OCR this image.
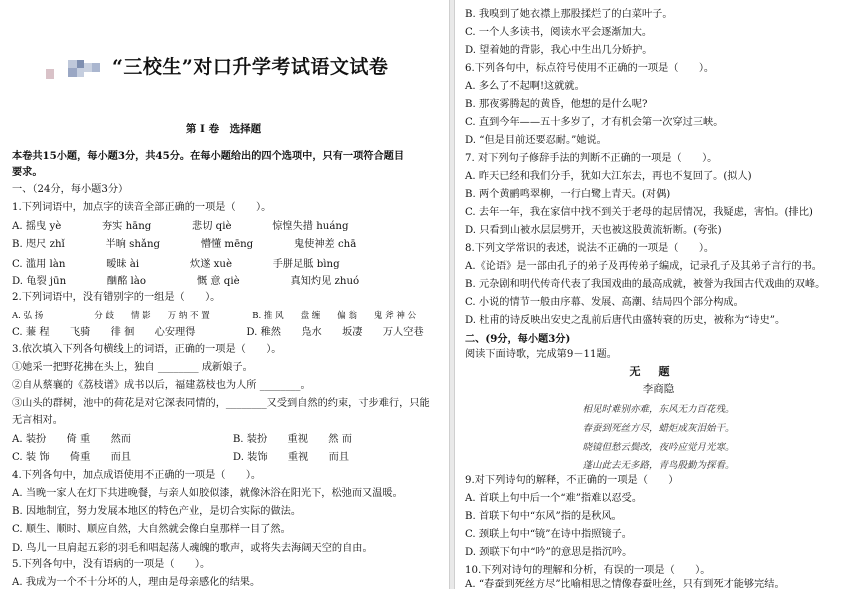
“三校生”对口升学考试语文试卷
第 I 卷　选择题
本卷共15小题，每小题3分，共45分。在每小题给出的四个选项中，只有一项符合题目
要求。
一、（24分，每小题3分）
1.下列词语中，加点字的读音全部正确的一项是（　　）。
A. 摇曳 yè　　　　夯实 hāng　　　　悲切 qiè　　　　惊惶失措 huáng
B. 咫尺 zhǐ　　　　半晌 shǎng　　　　懵懂 mēng　　　　鬼使神差 chā
C. 滥用 làn　　　　暧昧 ài　　　　　炊遂 xuè　　　　手胼足胝 bìng
D. 龟裂 jūn　　　　酗酩 lào　　　　　慨 意 qiè　　　　　真知灼见 zhuó
2.下列词语中，没有错别字的一组是（　　）。
A. 弘 扬　　　　　　分 歧　　情 影　　万 纳 不 置　　　　　B. 推 风　　盘 缠　　偏 翁　　鬼 斧 神 公
C. 蒹 程　　飞骑　　徘 徊　　心安理得　　　　　D. 稚然　　凫水　　坂凄　　万人空巷
3.依次填入下列各句横线上的词语，正确的一项是（　　）。
①她采一把野花拂在头上，独自 ________ 成新娘子。
②自从蔡襄的《荔枝谱》成书以后，福建荔枝也为人所 ________。
③山头的群树，池中的荷花是对它深表同情的，________又受到自然的约束，寸步难行，只能
无言相对。
A. 装扮　　倚 重　　然而　　　　　　　　　　B. 装扮　　重视　　然 而
C. 装 饰　　倚重　　而且　　　　　　　　　　D. 装饰　　重视　　而且
4.下列各句中，加点成语使用不正确的一项是（　　）。
A. 当晚一家人在灯下共进晚餐，与亲人如胶似漆，就像沐浴在阳光下，松弛而又温暖。
B. 因地制宜，努力发展本地区的特色产业，是切合实际的做法。
C. 顺生、顺时、顺应自然，大自然就会像白皇那样一目了然。
D. 鸟儿一旦肩起五彩的羽毛和唱起荡人魂魄的歌声，或将失去海阔天空的自由。
5.下列各句中，没有语病的一项是（　　）。
A. 我成为一个不十分坏的人，理由是母亲感化的结果。
B. 我嗅到了她衣襟上那股揉烂了的白菜叶子。
C. 一个人多读书，阅读水平会逐渐加大。
D. 望着她的背影，我心中生出几分娇护。
6.下列各句中，标点符号使用不正确的一项是（　　）。
A. 多么了不起啊!这就就。
B. 那夜雾腾起的黄昏，他想的是什么呢?
C. 直到今年——五十多岁了，才有机会第一次穿过三峡。
D. “但是目前还要忍耐。”她说。
7. 对下列句子修辞手法的判断不正确的一项是（　　）。
A. 昨天已经和我们分手，犹如大江东去，再也不复回了。(拟人)
B. 两个黄鹂鸣翠柳，一行白鹭上青天。(对偶)
C. 去年一年，我在家信中找不到关于老母的起居情况，我疑虑，害怕。(排比)
D. 只看到山被水层层劈开，天也被这股黄流斩断。(夸张)
8.下列文学常识的表述，说法不正确的一项是（　　）。
A.《论语》是一部由孔子的弟子及再传弟子编成，记录孔子及其弟子言行的书。
B. 元杂剧和明代传奇代表了我国戏曲的最高成就，被誉为我国古代戏曲的双峰。
C. 小说的情节一般由序幕、发展、高潮、结局四个部分构成。
D. 杜甫的诗反映出安史之乱前后唐代由盛转衰的历史，被称为“诗史”。
二、(9分，每小题3分)
阅读下面诗歌，完成第9－11题。
无题
李商隐
相见时难别亦难，东风无力百花残。
春蚕到死丝方尽，蜡炬成灰泪始干。
晓镜但愁云鬓改，夜吟应觉月光寒。
蓬山此去无多路，青鸟殷勤为探看。
9.对下列诗句的解释，不正确的一项是（　　）
A. 首联上句中后一个“难”指难以忍受。
B. 首联下句中“东风”指的是秋风。
C. 颈联上句中“镜”在诗中指照镜子。
D. 颈联下句中“吟”的意思是指沉吟。
10.下列对诗句的理解和分析，有误的一项是（　　）。
A. “春蚕到死丝方尽”比喻相思之情像春蚕吐丝，只有到死才能够完结。
